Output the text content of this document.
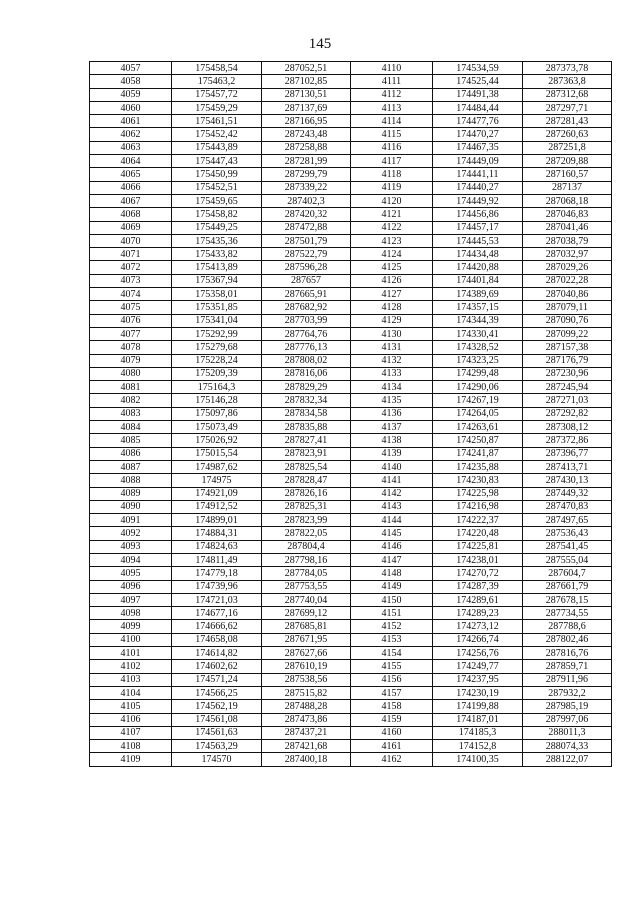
145
4057	175458,54	287052,51	4110	174534,59	287373,78
4058	175463,2	287102,85	4111	174525,44	287363,8
4059	175457,72	287130,51	4112	174491,38	287312,68
4060	175459,29	287137,69	4113	174484,44	287297,71
4061	175461,51	287166,95	4114	174477,76	287281,43
4062	175452,42	287243,48	4115	174470,27	287260,63
4063	175443,89	287258,88	4116	174467,35	287251,8
4064	175447,43	287281,99	4117	174449,09	287209,88
4065	175450,99	287299,79	4118	174441,11	287160,57
4066	175452,51	287339,22	4119	174440,27	287137
4067	175459,65	287402,3	4120	174449,92	287068,18
4068	175458,82	287420,32	4121	174456,86	287046,83
4069	175449,25	287472,88	4122	174457,17	287041,46
4070	175435,36	287501,79	4123	174445,53	287038,79
4071	175433,82	287522,79	4124	174434,48	287032,97
4072	175413,89	287596,28	4125	174420,88	287029,26
4073	175367,94	287657	4126	174401,84	287022,28
4074	175358,01	287665,91	4127	174389,69	287040,86
4075	175351,85	287682,92	4128	174357,15	287079,11
4076	175341,04	287703,99	4129	174344,39	287090,76
4077	175292,99	287764,76	4130	174330,41	287099,22
4078	175279,68	287776,13	4131	174328,52	287157,38
4079	175228,24	287808,02	4132	174323,25	287176,79
4080	175209,39	287816,06	4133	174299,48	287230,96
4081	175164,3	287829,29	4134	174290,06	287245,94
4082	175146,28	287832,34	4135	174267,19	287271,03
4083	175097,86	287834,58	4136	174264,05	287292,82
4084	175073,49	287835,88	4137	174263,61	287308,12
4085	175026,92	287827,41	4138	174250,87	287372,86
4086	175015,54	287823,91	4139	174241,87	287396,77
4087	174987,62	287825,54	4140	174235,88	287413,71
4088	174975	287828,47	4141	174230,83	287430,13
4089	174921,09	287826,16	4142	174225,98	287449,32
4090	174912,52	287825,31	4143	174216,98	287470,83
4091	174899,01	287823,99	4144	174222,37	287497,65
4092	174884,31	287822,05	4145	174220,48	287536,43
4093	174824,63	287804,4	4146	174225,81	287541,45
4094	174811,49	287798,16	4147	174238,01	287555,04
4095	174779,18	287784,05	4148	174270,72	287604,7
4096	174739,96	287753,55	4149	174287,39	287661,79
4097	174721,03	287740,04	4150	174289,61	287678,15
4098	174677,16	287699,12	4151	174289,23	287734,55
4099	174666,62	287685,81	4152	174273,12	287788,6
4100	174658,08	287671,95	4153	174266,74	287802,46
4101	174614,82	287627,66	4154	174256,76	287816,76
4102	174602,62	287610,19	4155	174249,77	287859,71
4103	174571,24	287538,56	4156	174237,95	287911,96
4104	174566,25	287515,82	4157	174230,19	287932,2
4105	174562,19	287488,28	4158	174199,88	287985,19
4106	174561,08	287473,86	4159	174187,01	287997,06
4107	174561,63	287437,21	4160	174185,3	288011,3
4108	174563,29	287421,68	4161	174152,8	288074,33
4109	174570	287400,18	4162	174100,35	288122,07
